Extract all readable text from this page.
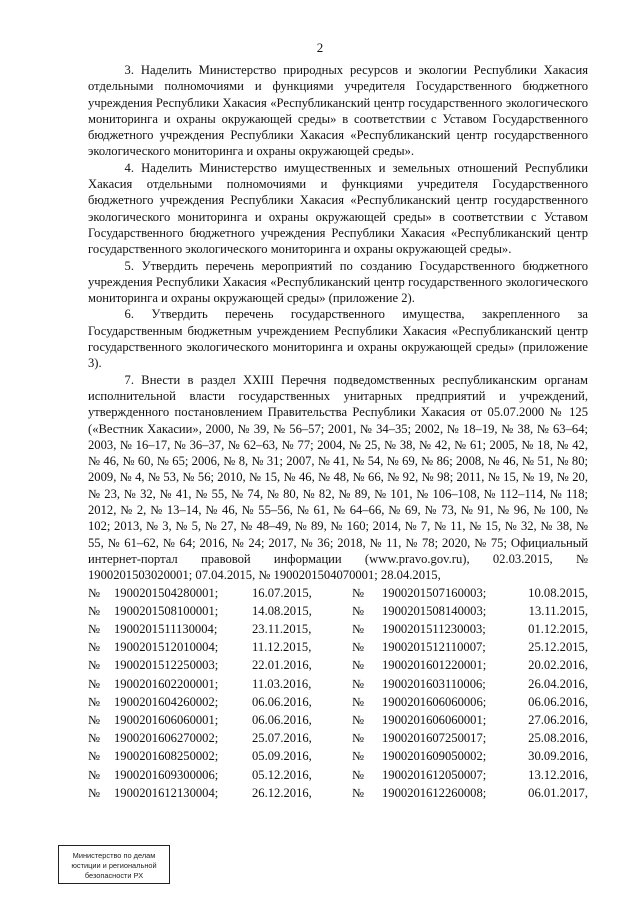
2

3. Наделить Министерство природных ресурсов и экологии Республики Хакасия отдельными полномочиями и функциями учредителя Государственного бюджетного учреждения Республики Хакасия «Республиканский центр государственного экологического мониторинга и охраны окружающей среды» в соответствии с Уставом Государственного бюджетного учреждения Республики Хакасия «Республиканский центр государственного экологического мониторинга и охраны окружающей среды».

4. Наделить Министерство имущественных и земельных отношений Республики Хакасия отдельными полномочиями и функциями учредителя Государственного бюджетного учреждения Республики Хакасия «Республиканский центр государственного экологического мониторинга и охраны окружающей среды» в соответствии с Уставом Государственного бюджетного учреждения Республики Хакасия «Республиканский центр государственного экологического мониторинга и охраны окружающей среды».

5. Утвердить перечень мероприятий по созданию Государственного бюджетного учреждения Республики Хакасия «Республиканский центр государственного экологического мониторинга и охраны окружающей среды» (приложение 2).

6. Утвердить перечень государственного имущества, закрепленного за Государственным бюджетным учреждением Республики Хакасия «Республиканский центр государственного экологического мониторинга и охраны окружающей среды» (приложение 3).

7. Внести в раздел XXIII Перечня подведомственных республиканским органам исполнительной власти государственных унитарных предприятий и учреждений, утвержденного постановлением Правительства Республики Хакасия от 05.07.2000 № 125 («Вестник Хакасии», 2000, № 39, № 56–57; 2001, № 34–35; 2002, № 18–19, № 38, № 63–64; 2003, № 16–17, № 36–37, № 62–63, № 77; 2004, № 25, № 38, № 42, № 61; 2005, № 18, № 42, № 46, № 60, № 65; 2006, № 8, № 31; 2007, № 41, № 54, № 69, № 86; 2008, № 46, № 51, № 80; 2009, № 4, № 53, № 56; 2010, № 15, № 46, № 48, № 66, № 92, № 98; 2011, № 15, № 19, № 20, № 23, № 32, № 41, № 55, № 74, № 80, № 82, № 89, № 101, № 106–108, № 112–114, № 118; 2012, № 2, № 13–14, № 46, № 55–56, № 61, № 64–66, № 69, № 73, № 91, № 96, № 100, № 102; 2013, № 3, № 5, № 27, № 48–49, № 89, № 160; 2014, № 7, № 11, № 15, № 32, № 38, № 55, № 61–62, № 64; 2016, № 24; 2017, № 36; 2018, № 11, № 78; 2020, № 75; Официальный интернет-портал правовой информации (www.pravo.gov.ru), 02.03.2015, № 1900201503020001; 07.04.2015, № 1900201504070001; 28.04.2015,

№	1900201504280001;	16.07.2015,	№	1900201507160003;	10.08.2015,
№	1900201508100001;	14.08.2015,	№	1900201508140003;	13.11.2015,
№	1900201511130004;	23.11.2015,	№	1900201511230003;	01.12.2015,
№	1900201512010004;	11.12.2015,	№	1900201512110007;	25.12.2015,
№	1900201512250003;	22.01.2016,	№	1900201601220001;	20.02.2016,
№	1900201602200001;	11.03.2016,	№	1900201603110006;	26.04.2016,
№	1900201604260002;	06.06.2016,	№	1900201606060006;	06.06.2016,
№	1900201606060001;	06.06.2016,	№	1900201606060001;	27.06.2016,
№	1900201606270002;	25.07.2016,	№	1900201607250017;	25.08.2016,
№	1900201608250002;	05.09.2016,	№	1900201609050002;	30.09.2016,
№	1900201609300006;	05.12.2016,	№	1900201612050007;	13.12.2016,
№	1900201612130004;	26.12.2016,	№	1900201612260008;	06.01.2017,
Министерство по делам
юстиции и региональной
безопасности РХ
